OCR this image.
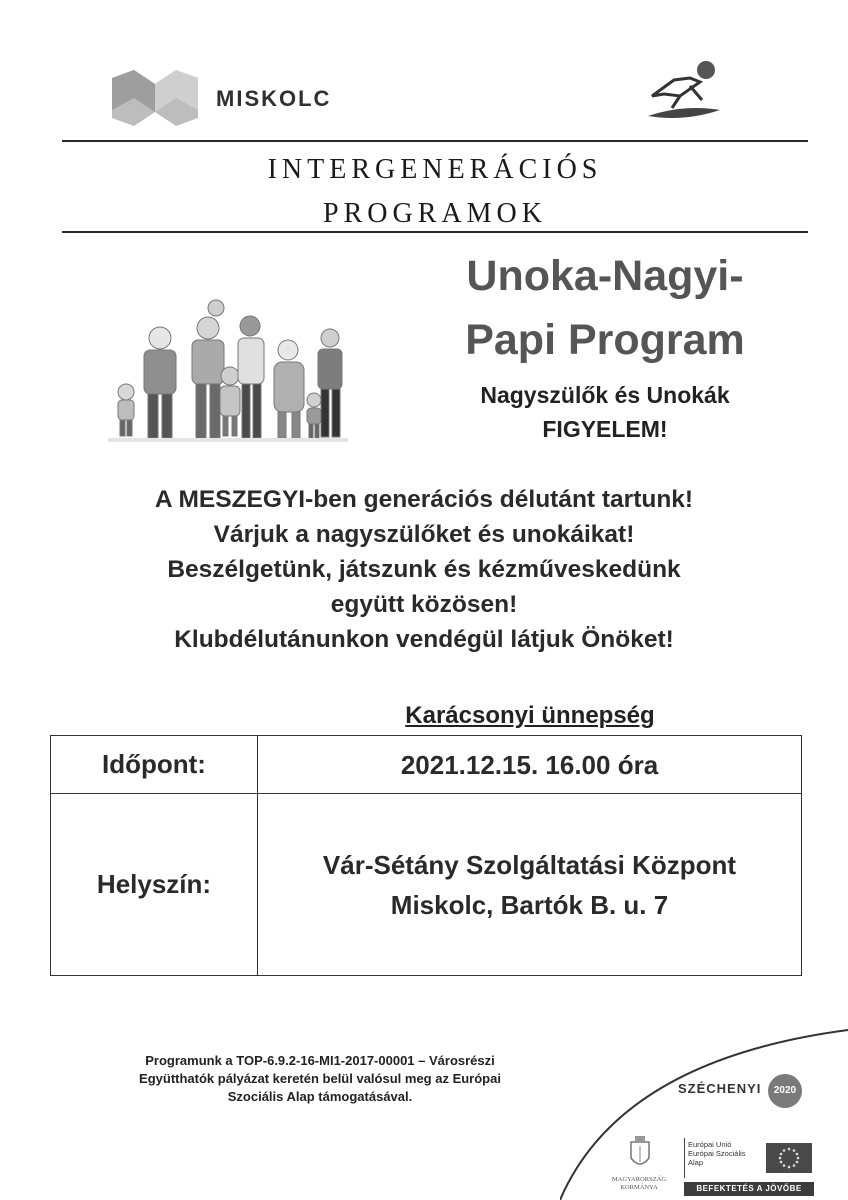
MISKOLC
INTERGENERÁCIÓS
PROGRAMOK
Unoka-Nagyi-
Papi Program
Nagyszülők és Unokák
FIGYELEM!
A MESZEGYI-ben generációs délutánt tartunk!
Várjuk a nagyszülőket és unokáikat!
Beszélgetünk, játszunk és kézműveskedünk
együtt közösen!
Klubdélutánunkon vendégül látjuk Önöket!
Karácsonyi ünnepség
Időpont:	2021.12.15. 16.00 óra
Helyszín:	Vár-Sétány Szolgáltatási Központ
Miskolc, Bartók B. u. 7
Programunk a TOP-6.9.2-16-MI1-2017-00001 – Városrészi
Együtthatók pályázat keretén belül valósul meg az Európai
Szociális Alap támogatásával.
SZÉCHENYI	2020
MAGYARORSZÁG
KORMÁNYA
Európai Unió
Európai Szociális
Alap
BEFEKTETÉS A JÖVŐBE
